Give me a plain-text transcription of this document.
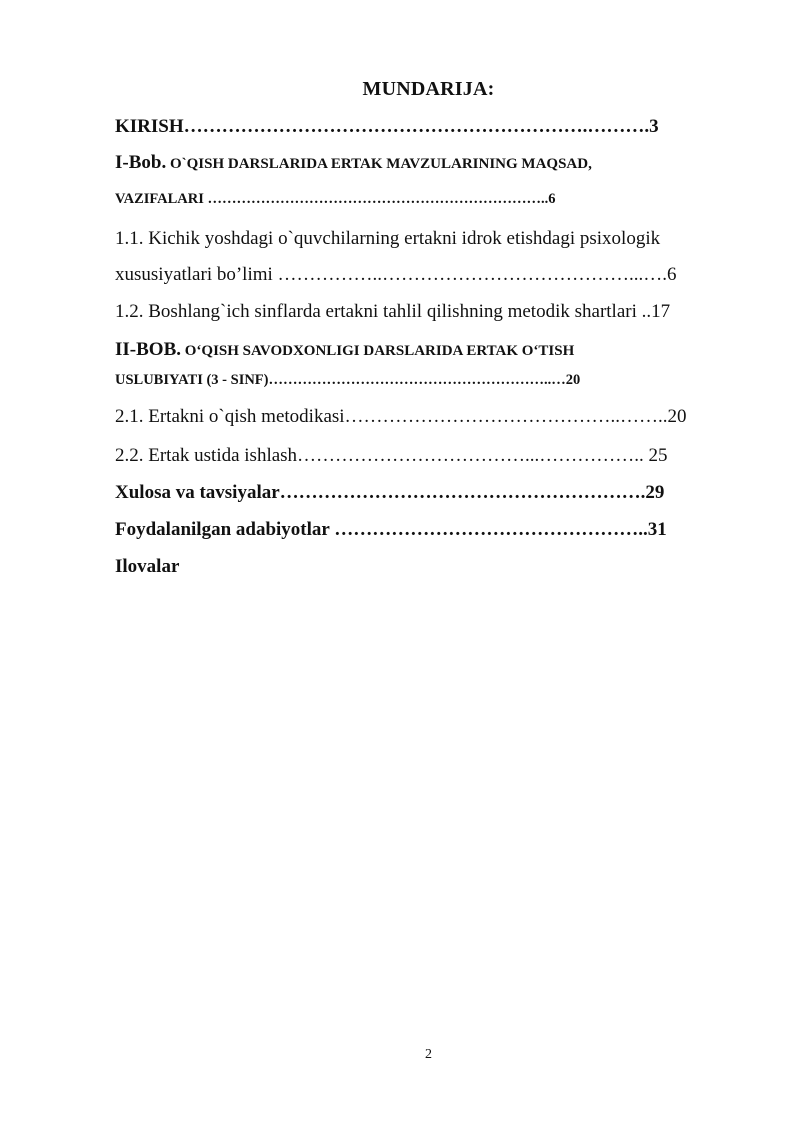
MUNDARIJA:
KIRISH……………………………………………………….……….3
I-Bob. O`QISH DARSLARIDA ERTAK MAVZULARINING MAQSAD,
VAZIFALARI ……………………………………………………………..6
1.1. Kichik yoshdagi o`quvchilarning ertakni idrok etishdagi psixologik
xususiyatlari bo’limi ……………..…………………………………...….6
1.2. Boshlang`ich sinflarda ertakni tahlil qilishning metodik shartlari ..17
II-BOB. O‘QISH SAVODXONLIGI DARSLARIDA ERTAK O‘TISH
USLUBIYATI (3 - SINF)…………………………………………………..…20
2.1. Ertakni o`qish metodikasi……………………………………..……..20
2.2. Ertak ustida ishlash………………………………...…………….. 25
Xulosa va tavsiyalar………………………………………………….29
Foydalanilgan adabiyotlar …………………………………………..31
Ilovalar
2
